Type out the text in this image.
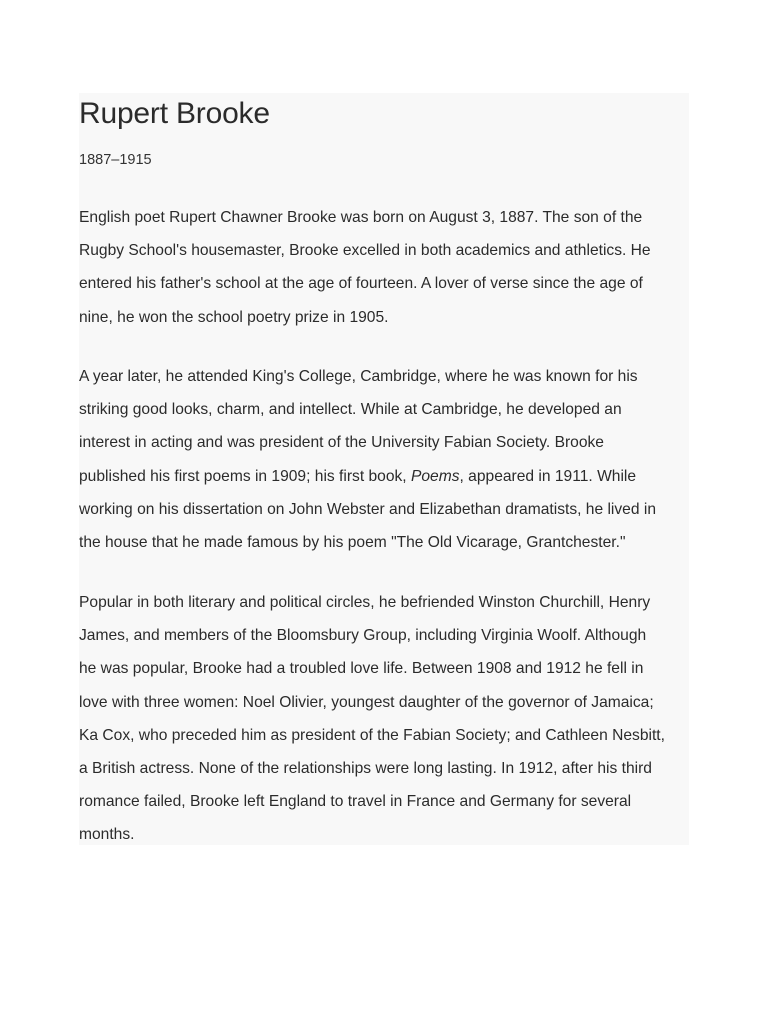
Rupert Brooke

1887–1915

English poet Rupert Chawner Brooke was born on August 3, 1887. The son of the
Rugby School's housemaster, Brooke excelled in both academics and athletics. He
entered his father's school at the age of fourteen. A lover of verse since the age of
nine, he won the school poetry prize in 1905.

A year later, he attended King's College, Cambridge, where he was known for his
striking good looks, charm, and intellect. While at Cambridge, he developed an
interest in acting and was president of the University Fabian Society. Brooke
published his first poems in 1909; his first book, Poems, appeared in 1911. While
working on his dissertation on John Webster and Elizabethan dramatists, he lived in
the house that he made famous by his poem "The Old Vicarage, Grantchester."

Popular in both literary and political circles, he befriended Winston Churchill, Henry
James, and members of the Bloomsbury Group, including Virginia Woolf. Although
he was popular, Brooke had a troubled love life. Between 1908 and 1912 he fell in
love with three women: Noel Olivier, youngest daughter of the governor of Jamaica;
Ka Cox, who preceded him as president of the Fabian Society; and Cathleen Nesbitt,
a British actress. None of the relationships were long lasting. In 1912, after his third
romance failed, Brooke left England to travel in France and Germany for several
months.
